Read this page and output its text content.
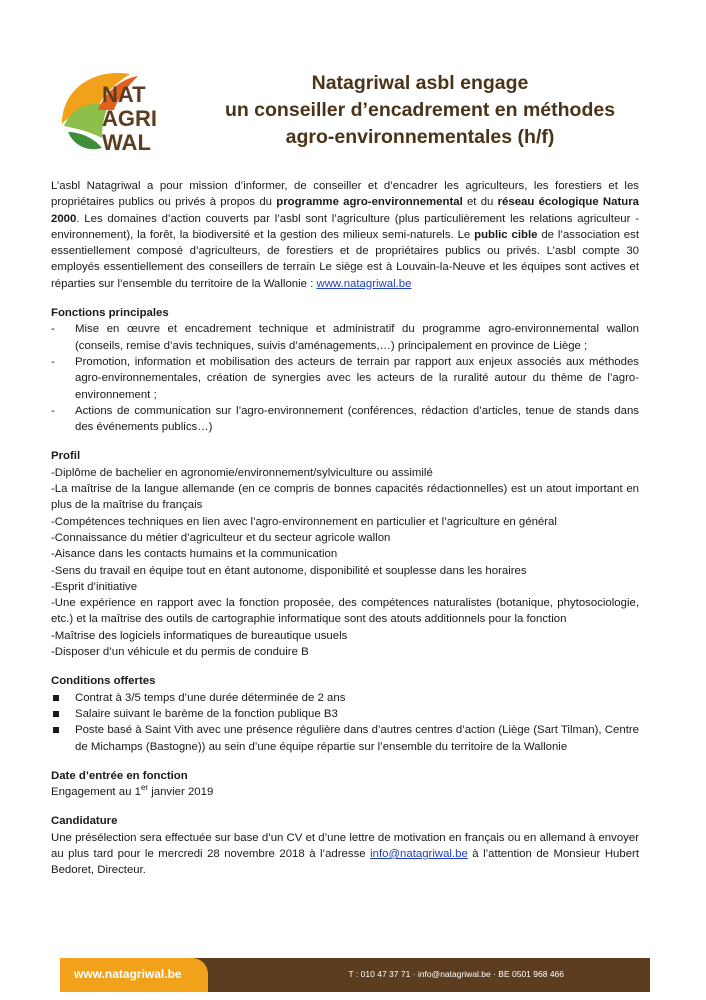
NAT
AGRI
WAL
Natagriwal asbl engage
un conseiller d’encadrement en méthodes
agro-environnementales (h/f)

L’asbl Natagriwal a pour mission d’informer, de conseiller et d’encadrer les agriculteurs, les forestiers et les propriétaires publics ou privés à propos du programme agro-environnemental et du réseau écologique Natura 2000. Les domaines d’action couverts par l’asbl sont l’agriculture (plus particulièrement les relations agriculteur - environnement), la forêt, la biodiversité et la gestion des milieux semi-naturels. Le public cible de l’association est essentiellement composé d’agriculteurs, de forestiers et de propriétaires publics ou privés. L’asbl compte 30 employés essentiellement des conseillers de terrain Le siège est à Louvain-la-Neuve et les équipes sont actives et réparties sur l’ensemble du territoire de la Wallonie : www.natagriwal.be

Fonctions principales
- Mise en œuvre et encadrement technique et administratif du programme agro-environnemental wallon (conseils, remise d’avis techniques, suivis d’aménagements,…) principalement en province de Liège ;
- Promotion, information et mobilisation des acteurs de terrain par rapport aux enjeux associés aux méthodes agro-environnementales, création de synergies avec les acteurs de la ruralité autour du thème de l’agro-environnement ;
- Actions de communication sur l’agro-environnement (conférences, rédaction d’articles, tenue de stands dans des événements publics…)
Profil

-Diplôme de bachelier en agronomie/environnement/sylviculture ou assimilé

-La maîtrise de la langue allemande (en ce compris de bonnes capacités rédactionnelles) est un atout important en plus de la maîtrise du français

-Compétences techniques en lien avec l’agro-environnement en particulier et l’agriculture en général

-Connaissance du métier d’agriculteur et du secteur agricole wallon

-Aisance dans les contacts humains et la communication

-Sens du travail en équipe tout en étant autonome, disponibilité et souplesse dans les horaires

-Esprit d’initiative

-Une expérience en rapport avec la fonction proposée, des compétences naturalistes (botanique, phytosociologie, etc.) et la maîtrise des outils de cartographie informatique sont des atouts additionnels pour la fonction

-Maîtrise des logiciels informatiques de bureautique usuels

-Disposer d’un véhicule et du permis de conduire B

Conditions offertes
Contrat à 3/5 temps d’une durée déterminée de 2 ans
Salaire suivant le barème de la fonction publique B3
Poste basé à Saint Vith avec une présence régulière dans d’autres centres d’action (Liège (Sart Tilman), Centre de Michamps (Bastogne)) au sein d’une équipe répartie sur l’ensemble du territoire de la Wallonie
Date d’entrée en fonction

Engagement au 1er janvier 2019

Candidature

Une présélection sera effectuée sur base d’un CV et d’une lettre de motivation en français ou en allemand à envoyer au plus tard pour le mercredi 28 novembre 2018 à l’adresse info@natagriwal.be à l’attention de Monsieur Hubert Bedoret, Directeur.

www.natagriwal.be	T : 010 47 37 71 · info@natagriwal.be · BE 0501 968 466
